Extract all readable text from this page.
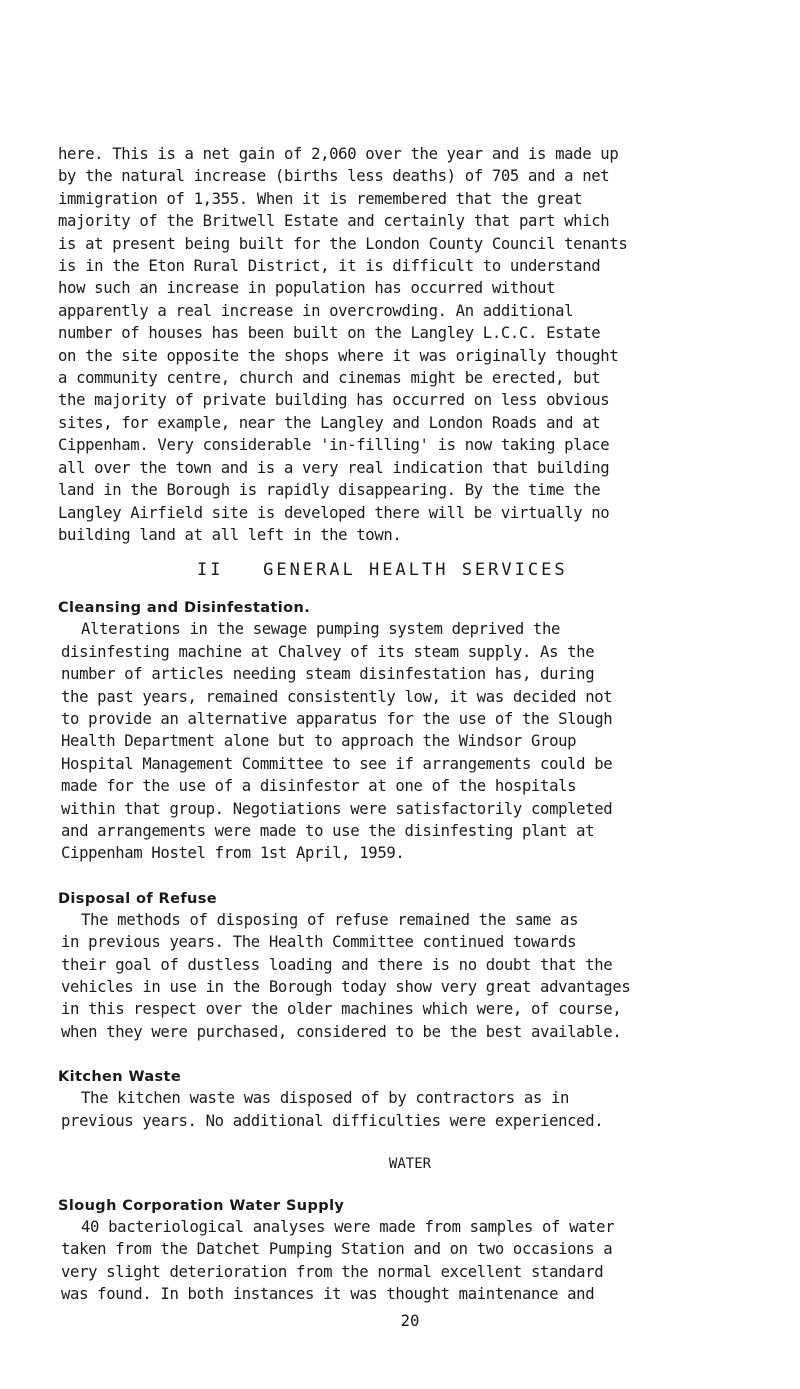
here. This is a net gain of 2,060 over the year and is made up
by the natural increase (births less deaths) of 705 and a net
immigration of 1,355. When it is remembered that the great
majority of the Britwell Estate and certainly that part which
is at present being built for the London County Council tenants
is in the Eton Rural District, it is difficult to understand
how such an increase in population has occurred without
apparently a real increase in overcrowding. An additional
number of houses has been built on the Langley L.C.C. Estate
on the site opposite the shops where it was originally thought
a community centre, church and cinemas might be erected, but
the majority of private building has occurred on less obvious
sites, for example, near the Langley and London Roads and at
Cippenham. Very considerable 'in-filling' is now taking place
all over the town and is a very real indication that building
land in the Borough is rapidly disappearing. By the time the
Langley Airfield site is developed there will be virtually no
building land at all left in the town.

II   GENERAL HEALTH SERVICES
Cleansing and Disinfestation.

Alterations in the sewage pumping system deprived the
disinfesting machine at Chalvey of its steam supply. As the
number of articles needing steam disinfestation has, during
the past years, remained consistently low, it was decided not
to provide an alternative apparatus for the use of the Slough
Health Department alone but to approach the Windsor Group
Hospital Management Committee to see if arrangements could be
made for the use of a disinfestor at one of the hospitals
within that group. Negotiations were satisfactorily completed
and arrangements were made to use the disinfesting plant at
Cippenham Hostel from 1st April, 1959.

Disposal of Refuse

The methods of disposing of refuse remained the same as
in previous years. The Health Committee continued towards
their goal of dustless loading and there is no doubt that the
vehicles in use in the Borough today show very great advantages
in this respect over the older machines which were, of course,
when they were purchased, considered to be the best available.

Kitchen Waste

The kitchen waste was disposed of by contractors as in
previous years. No additional difficulties were experienced.

WATER
Slough Corporation Water Supply

40 bacteriological analyses were made from samples of water
taken from the Datchet Pumping Station and on two occasions a
very slight deterioration from the normal excellent standard
was found. In both instances it was thought maintenance and

20
